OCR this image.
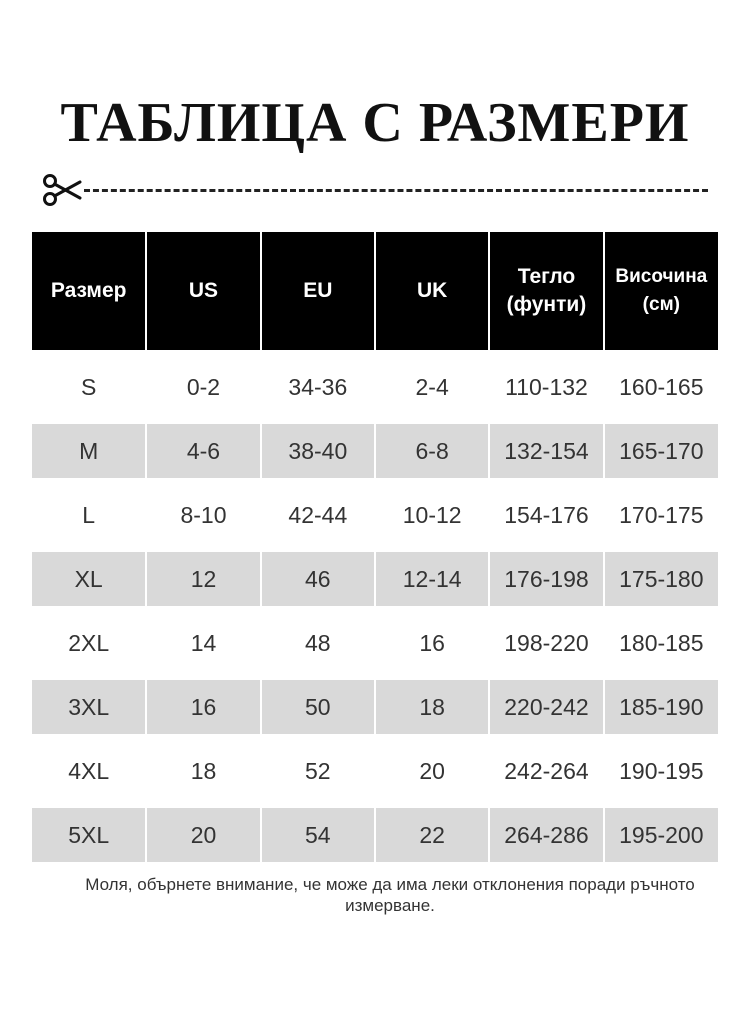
ТАБЛИЦА С РАЗМЕРИ
Размер	US	EU	UK	Тегло (фунти)	Височина (см)

S	0-2	34-36	2-4	110-132	160-165

M	4-6	38-40	6-8	132-154	165-170

L	8-10	42-44	10-12	154-176	170-175

XL	12	46	12-14	176-198	175-180

2XL	14	48	16	198-220	180-185

3XL	16	50	18	220-242	185-190

4XL	18	52	20	242-264	190-195

5XL	20	54	22	264-286	195-200
Моля, обърнете внимание, че може да има леки отклонения поради ръчното измерване.
